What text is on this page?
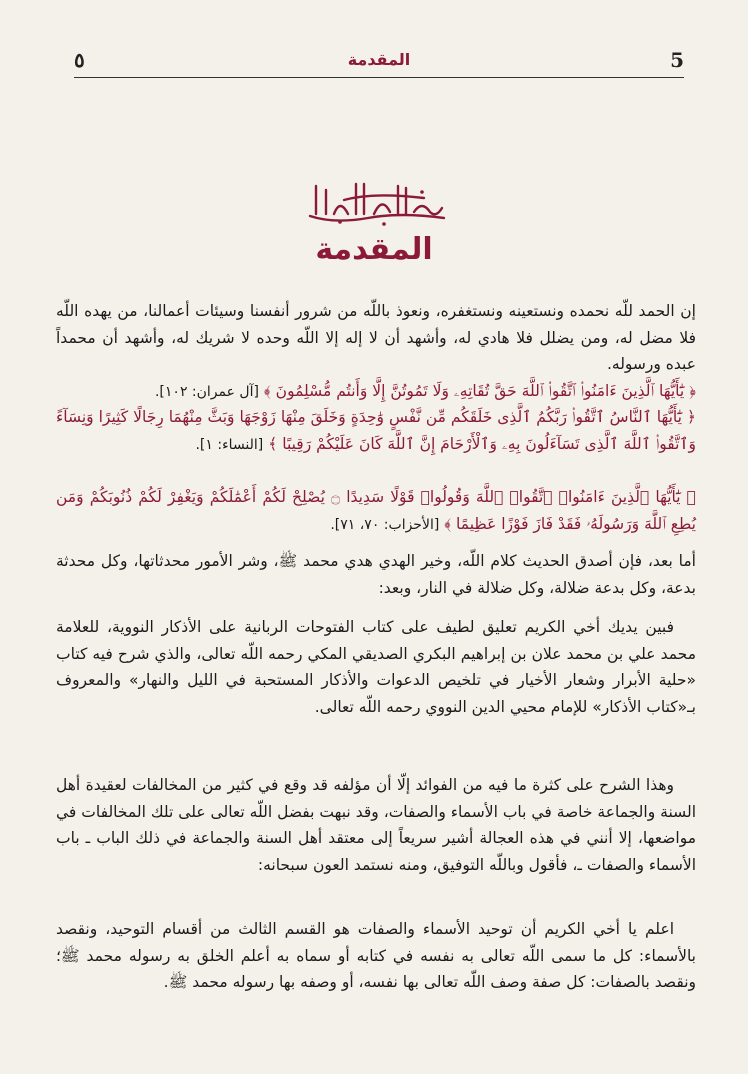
٥	المقدمة	5
المقدمة

إن الحمد للّه نحمده ونستعينه ونستغفره، ونعوذ باللّه من شرور أنفسنا وسيئات أعمالنا، من يهده اللّه فلا مضل له، ومن يضلل فلا هادي له، وأشهد أن لا إله إلا اللّه وحده لا شريك له، وأشهد أن محمداً عبده ورسوله.

﴿ يَٰٓأَيُّهَا ٱلَّذِينَ ءَامَنُوا۟ ٱتَّقُوا۟ ٱللَّهَ حَقَّ تُقَاتِهِۦ وَلَا تَمُوتُنَّ إِلَّا وَأَنتُم مُّسْلِمُونَ ﴾ [آل عمران: ١٠٢].

﴿ يَٰٓأَيُّهَا ٱلنَّاسُ ٱتَّقُوا۟ رَبَّكُمُ ٱلَّذِى خَلَقَكُم مِّن نَّفْسٍ وَٰحِدَةٍ وَخَلَقَ مِنْهَا زَوْجَهَا وَبَثَّ مِنْهُمَا رِجَالًا كَثِيرًا وَنِسَآءً وَٱتَّقُوا۟ ٱللَّهَ ٱلَّذِى تَسَآءَلُونَ بِهِۦ وَٱلْأَرْحَامَ إِنَّ ٱللَّهَ كَانَ عَلَيْكُمْ رَقِيبًا ﴾ [النساء: ١].

﴿ يَٰٓأَيُّهَا ٱلَّذِينَ ءَامَنُوا۟ ٱتَّقُوا۟ ٱللَّهَ وَقُولُوا۟ قَوْلًا سَدِيدًا ۝ يُصْلِحْ لَكُمْ أَعْمَٰلَكُمْ وَيَغْفِرْ لَكُمْ ذُنُوبَكُمْ وَمَن يُطِعِ ٱللَّهَ وَرَسُولَهُۥ فَقَدْ فَازَ فَوْزًا عَظِيمًا ﴾ [الأحزاب: ٧٠، ٧١].

أما بعد، فإن أصدق الحديث كلام اللّه، وخير الهدي هدي محمد ﷺ، وشر الأمور محدثاتها، وكل محدثة بدعة، وكل بدعة ضلالة، وكل ضلالة في النار، وبعد:

فبين يديك أخي الكريم تعليق لطيف على كتاب الفتوحات الربانية على الأذكار النووية، للعلامة محمد علي بن محمد علان بن إبراهيم البكري الصديقي المكي رحمه اللّه تعالى، والذي شرح فيه كتاب «حلية الأبرار وشعار الأخيار في تلخيص الدعوات والأذكار المستحبة في الليل والنهار» والمعروف بـ«كتاب الأذكار» للإمام محيي الدين النووي رحمه اللّه تعالى.

وهذا الشرح على كثرة ما فيه من الفوائد إلّا أن مؤلفه قد وقع في كثير من المخالفات لعقيدة أهل السنة والجماعة خاصة في باب الأسماء والصفات، وقد نبهت بفضل اللّه تعالى على تلك المخالفات في مواضعها، إلا أنني في هذه العجالة أشير سريعاً إلى معتقد أهل السنة والجماعة في ذلك الباب ـ باب الأسماء والصفات ـ، فأقول وباللّه التوفيق، ومنه نستمد العون سبحانه:

اعلم يا أخي الكريم أن توحيد الأسماء والصفات هو القسم الثالث من أقسام التوحيد، ونقصد بالأسماء: كل ما سمى اللّه تعالى به نفسه في كتابه أو سماه به أعلم الخلق به رسوله محمد ﷺ؛ ونقصد بالصفات: كل صفة وصف اللّه تعالى بها نفسه، أو وصفه بها رسوله محمد ﷺ.
